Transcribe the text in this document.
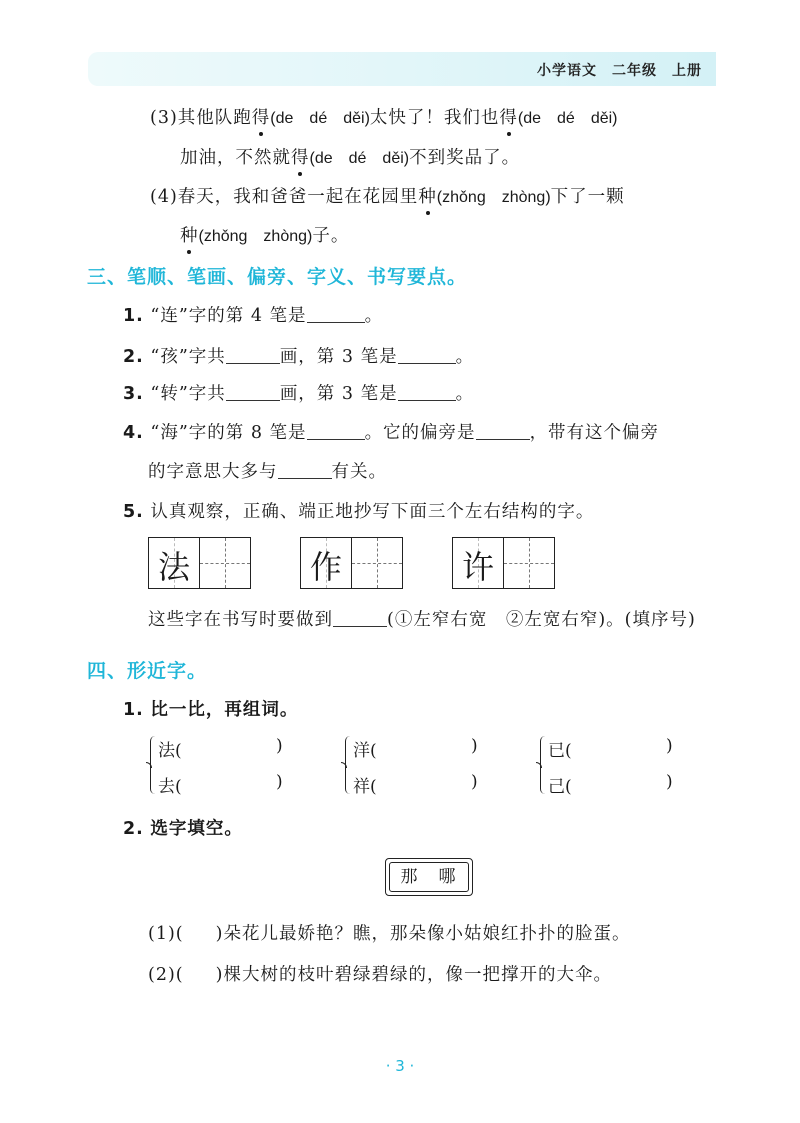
小学语文　二年级　上册
(3)其他队跑得(de　dé　děi)太快了！我们也得(de　dé　děi)
加油，不然就得(de　dé　děi)不到奖品了。
(4)春天，我和爸爸一起在花园里种(zhǒng　zhòng)下了一颗
种(zhǒng　zhòng)子。
三、笔顺、笔画、偏旁、字义、书写要点。
1. “连”字的第 4 笔是	。
2. “孩”字共	画，第 3 笔是	。
3. “转”字共	画，第 3 笔是	。
4. “海”字的第 8 笔是	。它的偏旁是	，带有这个偏旁
的字意思大多与	有关。
5. 认真观察，正确、端正地抄写下面三个左右结构的字。
法	作	许
这些字在书写时要做到	(①左窄右宽　②左宽右窄)。(填序号)
四、形近字。
1. 比一比，再组词。
法(	)
去(	)
洋(	)
祥(	)
已(	)
己(	)
2. 选字填空。
那　哪
(1)( )朵花儿最娇艳？瞧，那朵像小姑娘红扑扑的脸蛋。
(2)( )棵大树的枝叶碧绿碧绿的，像一把撑开的大伞。
· 3 ·
